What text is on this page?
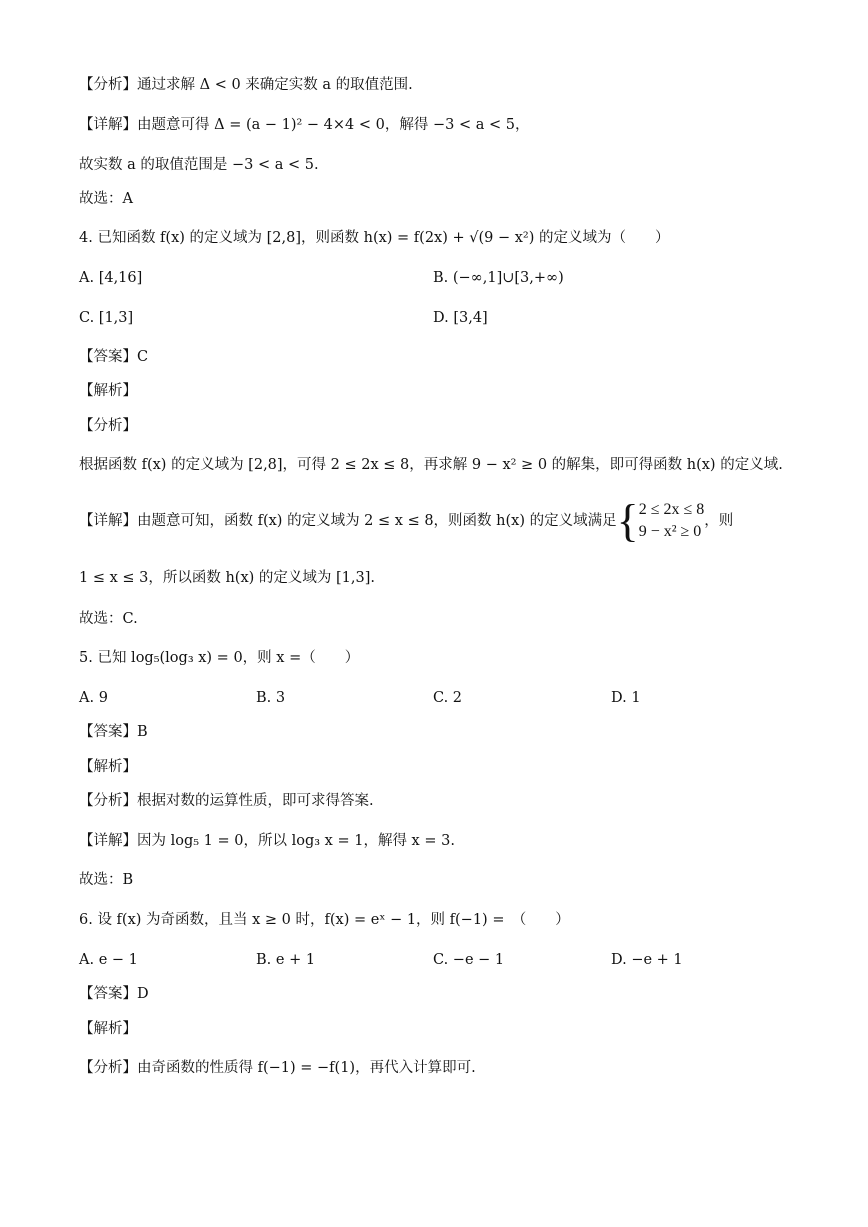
【分析】通过求解 Δ < 0 来确定实数 a 的取值范围.
【详解】由题意可得 Δ = (a − 1)² − 4×4 < 0，解得 −3 < a < 5，
故实数 a 的取值范围是 −3 < a < 5.
故选：A
4. 已知函数 f(x) 的定义域为 [2,8]，则函数 h(x) = f(2x) + √(9 − x²) 的定义域为（　　）
A. [4,16]	B. (−∞,1]∪[3,+∞)
C. [1,3]	D. [3,4]
【答案】C
【解析】
【分析】
根据函数 f(x) 的定义域为 [2,8]，可得 2 ≤ 2x ≤ 8，再求解 9 − x² ≥ 0 的解集，即可得函数 h(x) 的定义域.
【详解】由题意可知，函数 f(x) 的定义域为 2 ≤ x ≤ 8，则函数 h(x) 的定义域满足{ 2 ≤ 2x ≤ 8
9 − x² ≥ 0
，则
1 ≤ x ≤ 3，所以函数 h(x) 的定义域为 [1,3].
故选：C.
5. 已知 log₅(log₃ x) = 0，则 x =（　　）
A. 9	B. 3	C. 2	D. 1
【答案】B
【解析】
【分析】根据对数的运算性质，即可求得答案.
【详解】因为 log₅ 1 = 0，所以 log₃ x = 1，解得 x = 3.
故选：B
6. 设 f(x) 为奇函数，且当 x ≥ 0 时，f(x) = eˣ − 1，则 f(−1) =　（　　）
A. e − 1	B. e + 1	C. −e − 1	D. −e + 1
【答案】D
【解析】
【分析】由奇函数的性质得 f(−1) = −f(1)，再代入计算即可.
